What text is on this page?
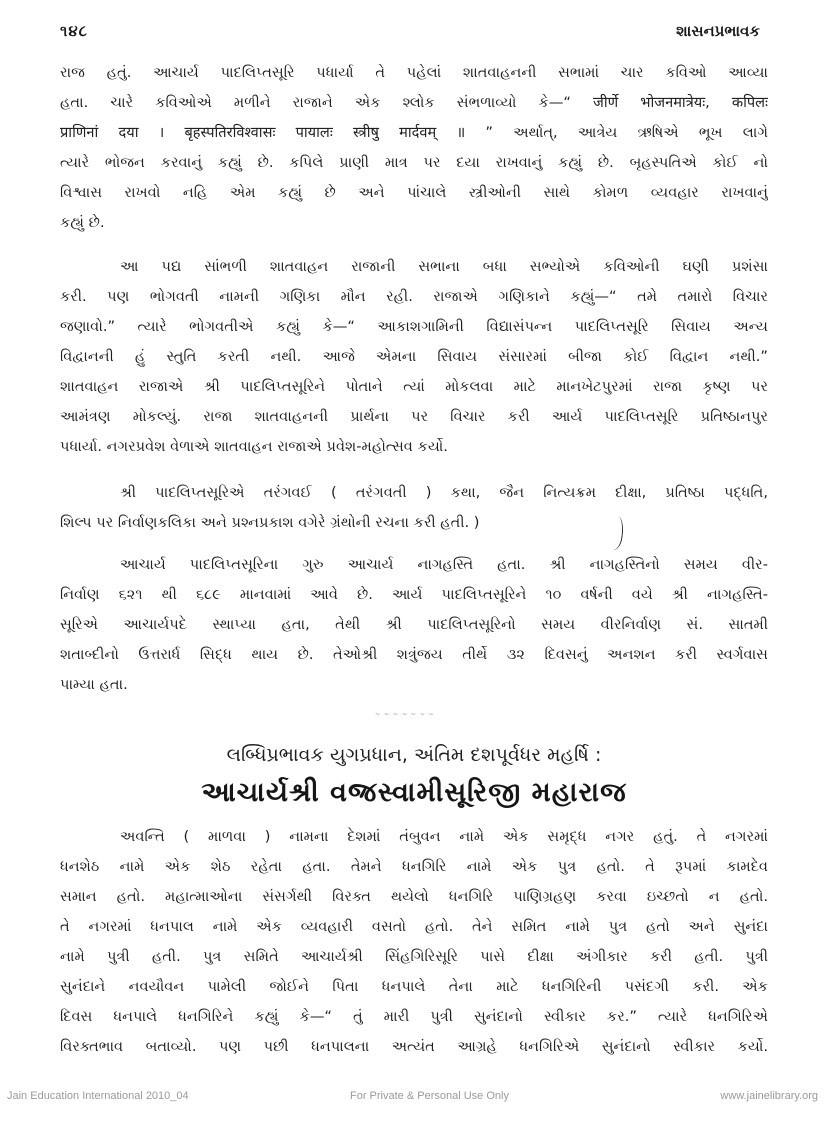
૧૪૮	શાસનપ્રભાવક
રાજ હતું. આચાર્ય પાદલિપ્તસૂરિ પધાર્યા તે પહેલાં શાતવાહનની સભામાં ચાર કવિઓ આવ્યા
હતા. ચારે કવિઓએ મળીને રાજાને એક શ્લોક સંભળાવ્યો કે—“ जीर्णे भोजनमात्रेयः, कपिलः
प्राणिनां दया । बृहस्पतिरविश्वासः पायालः स्त्रीषु मार्दवम् ॥ ” અર્થાત્, આત્રેય ઋષિએ ભૂખ લાગે
ત્યારે ભોજન કરવાનું કહ્યું છે. કપિલે પ્રાણી માત્ર પર દયા રાખવાનું કહ્યું છે. બૃહસ્પતિએ કોઈ નો
વિશ્વાસ રાખવો નહિ એમ કહ્યું છે અને પાંચાલે સ્ત્રીઓની સાથે કોમળ વ્યવહાર રાખવાનું
કહ્યું છે.
આ પદ્ય સાંભળી શાતવાહન રાજાની સભાના બધા સભ્યોએ કવિઓની ઘણી પ્રશંસા
કરી. પણ ભોગવતી નામની ગણિકા મૌન રહી. રાજાએ ગણિકાને કહ્યું—“ તમે તમારો વિચાર
જણાવો.” ત્યારે ભોગવતીએ કહ્યું કે—“ આકાશગામિની વિદ્યાસંપન્ન પાદલિપ્તસૂરિ સિવાય અન્ય
વિદ્વાનની હું સ્તુતિ કરતી નથી. આજે એમના સિવાય સંસારમાં બીજા કોઈ વિદ્વાન નથી.”
શાતવાહન રાજાએ શ્રી પાદલિપ્તસૂરિને પોતાને ત્યાં મોકલવા માટે માનખેટપુરમાં રાજા કૃષ્ણ પર
આમંત્રણ મોકલ્યું. રાજા શાતવાહનની પ્રાર્થના પર વિચાર કરી આર્ય પાદલિપ્તસૂરિ પ્રતિષ્ઠાનપુર
પધાર્યા. નગરપ્રવેશ વેળાએ શાતવાહન રાજાએ પ્રવેશ-મહોત્સવ કર્યો.
શ્રી પાદલિપ્તસૂરિએ તરંગવઈ ( તરંગવતી ) કથા, જૈન નિત્યક્રમ દીક્ષા, પ્રતિષ્ઠા પદ્ધતિ,
શિલ્પ પર નિર્વાણકલિકા અને પ્રશ્નપ્રકાશ વગેરે ગ્રંથોની રચના કરી હતી. )
આચાર્ય પાદલિપ્તસૂરિના ગુરુ આચાર્ય નાગહસ્તિ હતા. શ્રી નાગહસ્તિનો સમય વીર-
નિર્વાણ ૬૨૧ થી ૬૮૯ માનવામાં આવે છે. આર્ય પાદલિપ્તસૂરિને ૧૦ વર્ષની વયે શ્રી નાગહસ્તિ-
સૂરિએ આચાર્યપદે સ્થાપ્યા હતા, તેથી શ્રી પાદલિપ્તસૂરિનો સમય વીરનિર્વાણ સં. સાતમી
શતાબ્દીનો ઉત્તરાર્ધ સિદ્ધ થાય છે. તેઓશ્રી શત્રુંજય તીર્થે ૩૨ દિવસનું અનશન કરી સ્વર્ગવાસ
પામ્યા હતા.
~ ~ ~ ~ ~ ~ ~
લબ્ધિપ્રભાવક યુગપ્રધાન, અંતિમ દશપૂર્વધર મહર્ષિ :
આચાર્યશ્રી વજ્રસ્વામીસૂરિજી મહારાજ
અવન્તિ ( માળવા ) નામના દેશમાં તંબુવન નામે એક સમૃદ્ધ નગર હતું. તે નગરમાં
ધનશેઠ નામે એક શેઠ રહેતા હતા. તેમને ધનગિરિ નામે એક પુત્ર હતો. તે રૂપમાં કામદેવ
સમાન હતો. મહાત્માઓના સંસર્ગથી વિરક્ત થયેલો ધનગિરિ પાણિગ્રહણ કરવા ઇચ્છતો ન હતો.
તે નગરમાં ધનપાલ નામે એક વ્યવહારી વસતો હતો. તેને સમિત નામે પુત્ર હતો અને સુનંદા
નામે પુત્રી હતી. પુત્ર સમિતે આચાર્યશ્રી સિંહગિરિસૂરિ પાસે દીક્ષા અંગીકાર કરી હતી. પુત્રી
સુનંદાને નવયૌવન પામેલી જોઈને પિતા ધનપાલે તેના માટે ધનગિરિની પસંદગી કરી. એક
દિવસ ધનપાલે ધનગિરિને કહ્યું કે—“ તું મારી પુત્રી સુનંદાનો સ્વીકાર કર.” ત્યારે ધનગિરિએ
વિરક્તભાવ બતાવ્યો. પણ પછી ધનપાલના અત્યંત આગ્રહે ધનગિરિએ સુનંદાનો સ્વીકાર કર્યો.
Jain Education International 2010_04	For Private & Personal Use Only	www.jainelibrary.org
